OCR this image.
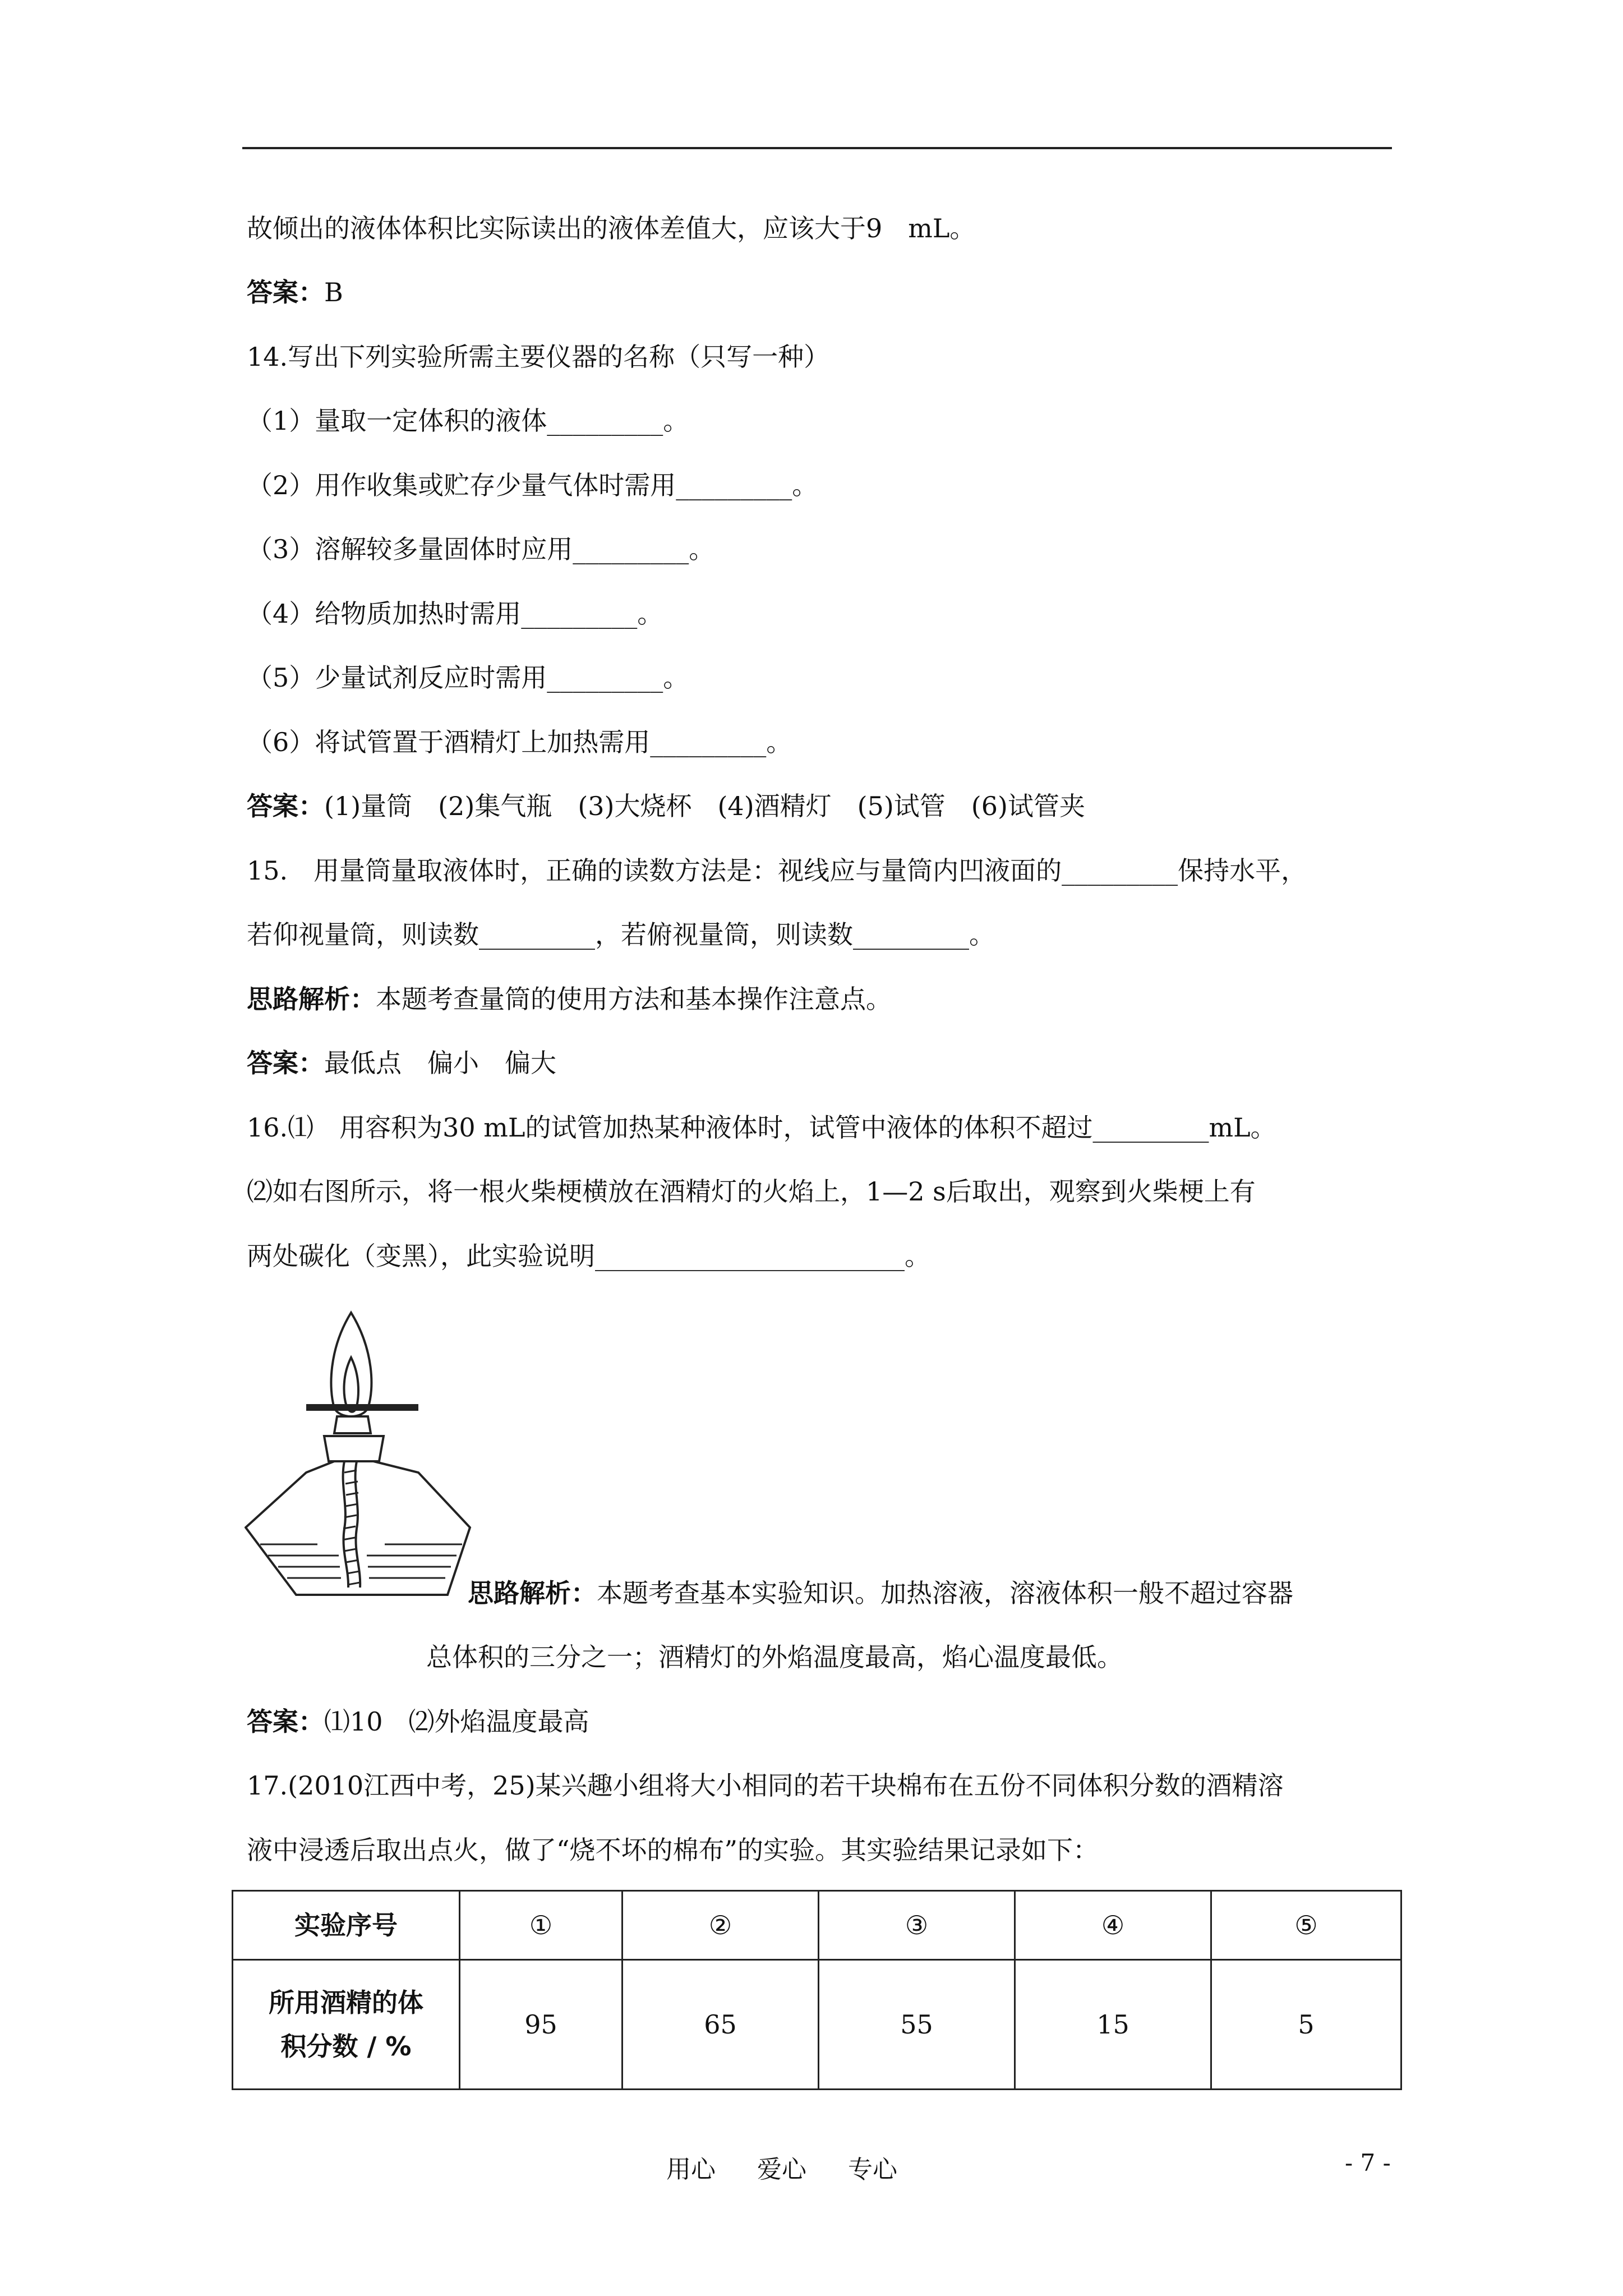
故倾出的液体体积比实际读出的液体差值大，应该大于9　mL。
答案：B
14.写出下列实验所需主要仪器的名称（只写一种）
（1）量取一定体积的液体_________。
（2）用作收集或贮存少量气体时需用_________。
（3）溶解较多量固体时应用_________。
（4）给物质加热时需用_________。
（5）少量试剂反应时需用_________。
（6）将试管置于酒精灯上加热需用_________。
答案：(1)量筒　(2)集气瓶　(3)大烧杯　(4)酒精灯　(5)试管　(6)试管夹
15.　用量筒量取液体时，正确的读数方法是：视线应与量筒内凹液面的_________保持水平，
若仰视量筒，则读数_________，若俯视量筒，则读数_________。
思路解析：本题考查量筒的使用方法和基本操作注意点。
答案：最低点　偏小　偏大
16.⑴　用容积为30 mL的试管加热某种液体时，试管中液体的体积不超过_________mL。
⑵如右图所示，将一根火柴梗横放在酒精灯的火焰上，1—2 s后取出，观察到火柴梗上有
两处碳化（变黑），此实验说明________________________。
思路解析：本题考查基本实验知识。加热溶液，溶液体积一般不超过容器
总体积的三分之一；酒精灯的外焰温度最高，焰心温度最低。
答案：⑴10　⑵外焰温度最高
17.(2010江西中考，25)某兴趣小组将大小相同的若干块棉布在五份不同体积分数的酒精溶
液中浸透后取出点火，做了“烧不坏的棉布”的实验。其实验结果记录如下：
实验序号	①	②	③	④	⑤

所用酒精的体
积分数 / %	95	65	55	15	5
用心 爱心 专心	- 7 -
